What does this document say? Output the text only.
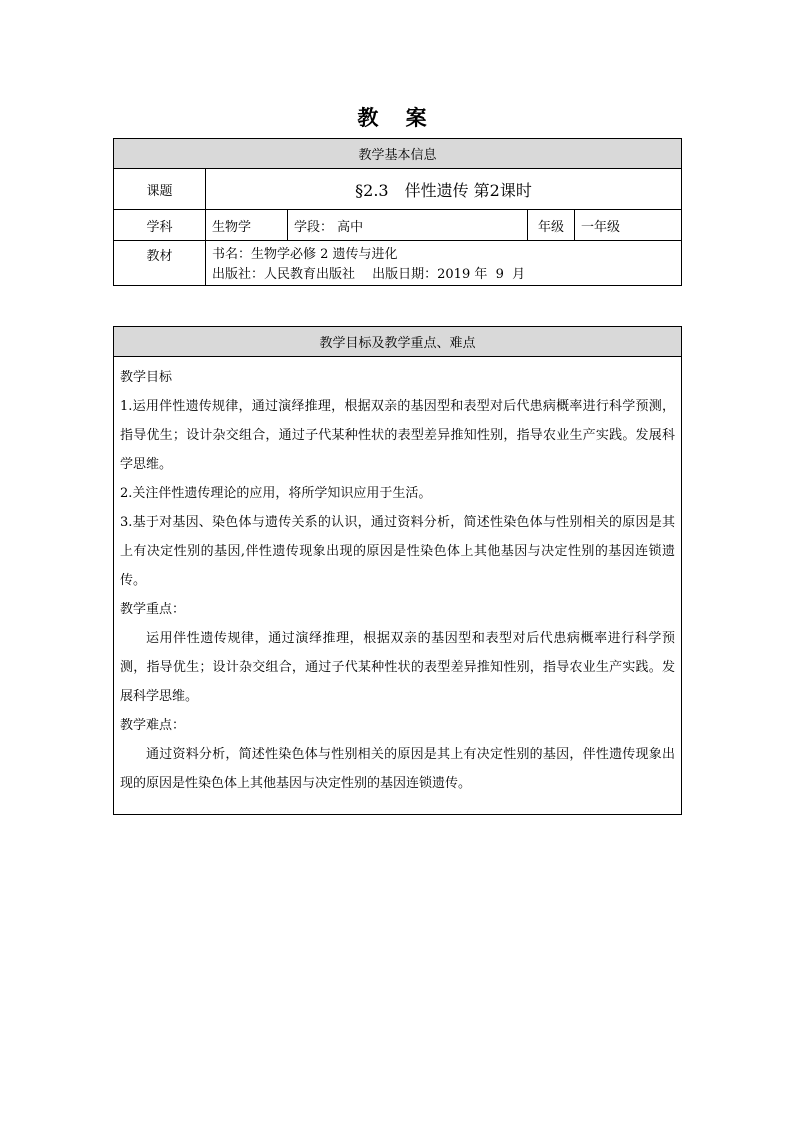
教 案
教学基本信息				
课题	§2.3　伴性遗传 第2课时			
学科	生物学	学段： 高中	年级	一年级
教材	书名：生物学必修 2 遗传与进化
出版社：人民教育出版社　 出版日期：2019 年  9  月			
教学目标及教学重点、难点

教学目标

1.运用伴性遗传规律，通过演绎推理，根据双亲的基因型和表型对后代患病概率进行科学预测，指导优生；设计杂交组合，通过子代某种性状的表型差异推知性别，指导农业生产实践。发展科学思维。

2.关注伴性遗传理论的应用，将所学知识应用于生活。

3.基于对基因、染色体与遗传关系的认识，通过资料分析，简述性染色体与性别相关的原因是其上有决定性别的基因,伴性遗传现象出现的原因是性染色体上其他基因与决定性别的基因连锁遗传。

教学重点：

运用伴性遗传规律，通过演绎推理，根据双亲的基因型和表型对后代患病概率进行科学预测，指导优生；设计杂交组合，通过子代某种性状的表型差异推知性别，指导农业生产实践。发展科学思维。

教学难点：

通过资料分析，简述性染色体与性别相关的原因是其上有决定性别的基因，伴性遗传现象出现的原因是性染色体上其他基因与决定性别的基因连锁遗传。
